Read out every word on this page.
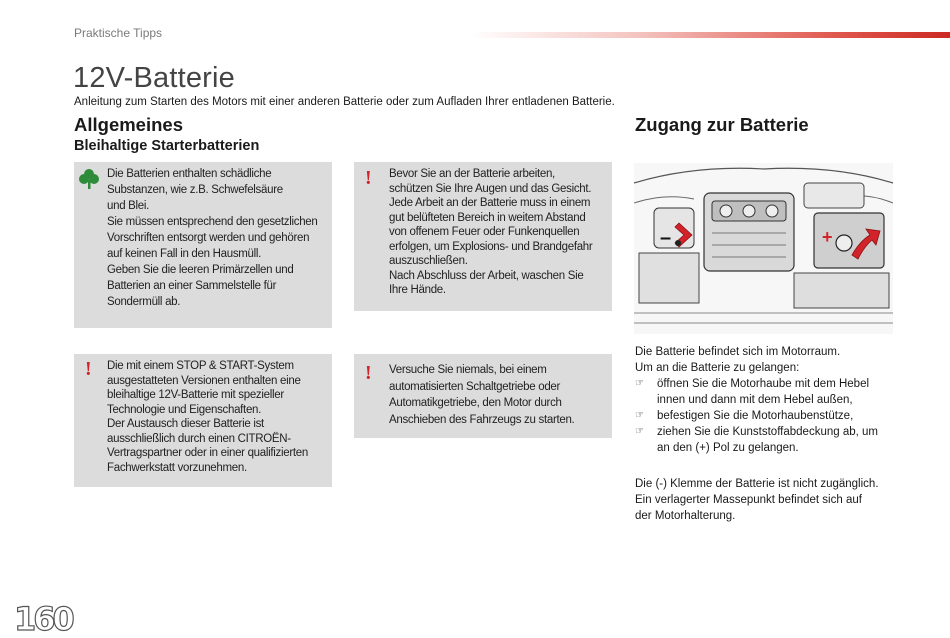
Praktische Tipps
12V-Batterie
Anleitung zum Starten des Motors mit einer anderen Batterie oder zum Aufladen Ihrer entladenen Batterie.
Allgemeines
Bleihaltige Starterbatterien
Die Batterien enthalten schädliche
Substanzen, wie z.B. Schwefelsäure
und Blei.
Sie müssen entsprechend den gesetzlichen
Vorschriften entsorgt werden und gehören
auf keinen Fall in den Hausmüll.
Geben Sie die leeren Primärzellen und
Batterien an einer Sammelstelle für
Sondermüll ab.
! Die mit einem STOP & START-System
ausgestatteten Versionen enthalten eine
bleihaltige 12V-Batterie mit spezieller
Technologie und Eigenschaften.
Der Austausch dieser Batterie ist
ausschließlich durch einen CITROËN-
Vertragspartner oder in einer qualifizierten
Fachwerkstatt vorzunehmen.
! Bevor Sie an der Batterie arbeiten,
schützen Sie Ihre Augen und das Gesicht.
Jede Arbeit an der Batterie muss in einem
gut belüfteten Bereich in weitem Abstand
von offenem Feuer oder Funkenquellen
erfolgen, um Explosions- und Brandgefahr
auszuschließen.
Nach Abschluss der Arbeit, waschen Sie
Ihre Hände.
! Versuche Sie niemals, bei einem
automatisierten Schaltgetriebe oder
Automatikgetriebe, den Motor durch
Anschieben des Fahrzeugs zu starten.
Zugang zur Batterie
–	+
Die Batterie befindet sich im Motorraum.
Um an die Batterie zu gelangen:
☞ öffnen Sie die Motorhaube mit dem Hebel
innen und dann mit dem Hebel außen,
☞ befestigen Sie die Motorhaubenstütze,
☞ ziehen Sie die Kunststoffabdeckung ab, um
an den (+) Pol zu gelangen.
Die (-) Klemme der Batterie ist nicht zugänglich.
Ein verlagerter Massepunkt befindet sich auf
der Motorhalterung.
160
